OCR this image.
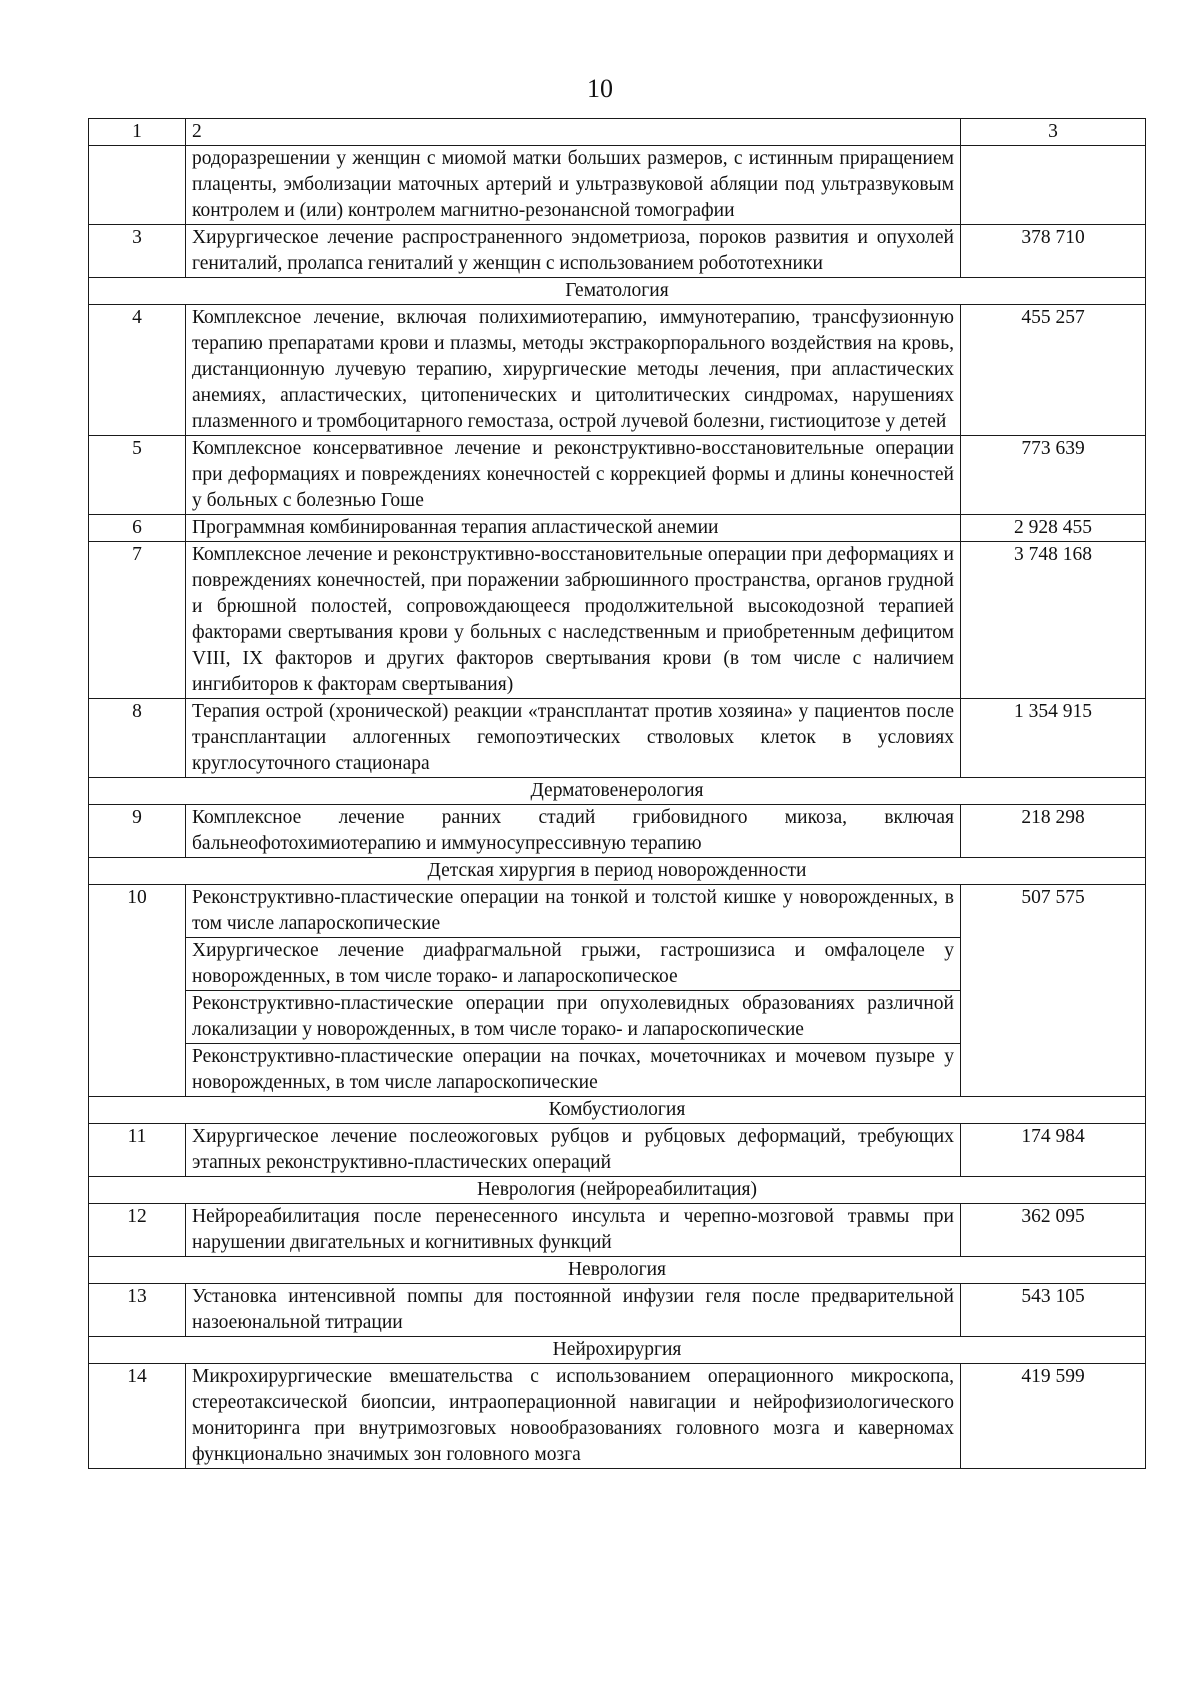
10
1	2	3
	родоразрешении у женщин с миомой матки больших размеров, с истинным приращением плаценты, эмболизации маточных артерий и ультразвуковой абляции под ультразвуковым контролем и (или) контролем магнитно-резонансной томографии	
3	Хирургическое лечение распространенного эндометриоза, пороков развития и опухолей гениталий, пролапса гениталий у женщин с использованием робототехники	378 710
Гематология		
4	Комплексное лечение, включая полихимиотерапию, иммунотерапию, трансфузионную терапию препаратами крови и плазмы, методы экстракорпорального воздействия на кровь, дистанционную лучевую терапию, хирургические методы лечения, при апластических анемиях, апластических, цитопенических и цитолитических синдромах, нарушениях плазменного и тромбоцитарного гемостаза, острой лучевой болезни, гистиоцитозе у детей	455 257
5	Комплексное консервативное лечение и реконструктивно-восстановительные операции при деформациях и повреждениях конечностей с коррекцией формы и длины конечностей у больных с болезнью Гоше	773 639
6	Программная комбинированная терапия апластической анемии	2 928 455
7	Комплексное лечение и реконструктивно-восстановительные операции при деформациях и повреждениях конечностей, при поражении забрюшинного пространства, органов грудной и брюшной полостей, сопровождающееся продолжительной высокодозной терапией факторами свертывания крови у больных с наследственным и приобретенным дефицитом VIII, IX факторов и других факторов свертывания крови (в том числе с наличием ингибиторов к факторам свертывания)	3 748 168
8	Терапия острой (хронической) реакции «трансплантат против хозяина» у пациентов после трансплантации аллогенных гемопоэтических стволовых клеток в условиях круглосуточного стационара	1 354 915
Дерматовенерология		
9	Комплексное лечение ранних стадий грибовидного микоза, включая бальнеофотохимиотерапию и иммуносупрессивную терапию	218 298
Детская хирургия в период новорожденности		
10	Реконструктивно-пластические операции на тонкой и толстой кишке у новорожденных, в том числе лапароскопические	507 575
	Хирургическое лечение диафрагмальной грыжи, гастрошизиса и омфалоцеле у новорожденных, в том числе торако- и лапароскопическое	
	Реконструктивно-пластические операции при опухолевидных образованиях различной локализации у новорожденных, в том числе торако- и лапароскопические	
	Реконструктивно-пластические операции на почках, мочеточниках и мочевом пузыре у новорожденных, в том числе лапароскопические	
Комбустиология		
11	Хирургическое лечение послеожоговых рубцов и рубцовых деформаций, требующих этапных реконструктивно-пластических операций	174 984
Неврология (нейрореабилитация)		
12	Нейрореабилитация после перенесенного инсульта и черепно-мозговой травмы при нарушении двигательных и когнитивных функций	362 095
Неврология		
13	Установка интенсивной помпы для постоянной инфузии геля после предварительной назоеюнальной титрации	543 105
Нейрохирургия		
14	Микрохирургические вмешательства с использованием операционного микроскопа, стереотаксической биопсии, интраоперационной навигации и нейрофизиологического мониторинга при внутримозговых новообразованиях головного мозга и каверномах функционально значимых зон головного мозга	419 599
